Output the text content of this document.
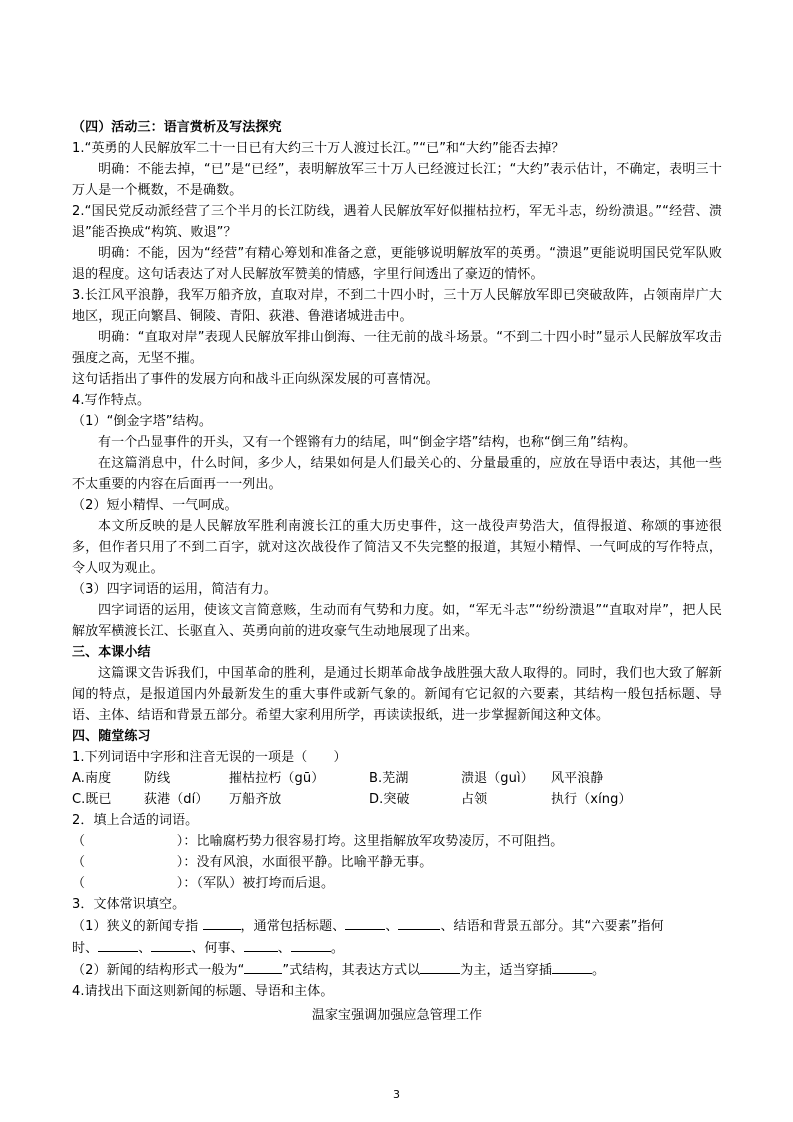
（四）活动三：语言赏析及写法探究
1.“英勇的人民解放军二十一日已有大约三十万人渡过长江。”“已”和“大约”能否去掉？
明确：不能去掉，“已”是“已经”，表明解放军三十万人已经渡过长江；“大约”表示估计，不确定，表明三十万人是一个概数，不是确数。
2.“国民党反动派经营了三个半月的长江防线，遇着人民解放军好似摧枯拉朽，军无斗志，纷纷溃退。”“经营、溃退”能否换成“构筑、败退”？
明确：不能，因为“经营”有精心筹划和准备之意，更能够说明解放军的英勇。“溃退”更能说明国民党军队败退的程度。这句话表达了对人民解放军赞美的情感，字里行间透出了豪迈的情怀。
3.长江风平浪静，我军万船齐放，直取对岸，不到二十四小时，三十万人民解放军即已突破敌阵，占领南岸广大地区，现正向繁昌、铜陵、青阳、荻港、鲁港诸城进击中。
明确：“直取对岸”表现人民解放军排山倒海、一往无前的战斗场景。“不到二十四小时”显示人民解放军攻击强度之高，无坚不摧。
这句话指出了事件的发展方向和战斗正向纵深发展的可喜情况。
4.写作特点。
（1）“倒金字塔”结构。
有一个凸显事件的开头，又有一个铿锵有力的结尾，叫“倒金字塔”结构，也称“倒三角”结构。
在这篇消息中，什么时间，多少人，结果如何是人们最关心的、分量最重的，应放在导语中表达，其他一些不太重要的内容在后面再一一列出。
（2）短小精悍、一气呵成。
本文所反映的是人民解放军胜利南渡长江的重大历史事件，这一战役声势浩大，值得报道、称颂的事迹很多，但作者只用了不到二百字，就对这次战役作了简洁又不失完整的报道，其短小精悍、一气呵成的写作特点，令人叹为观止。
（3）四字词语的运用，简洁有力。
四字词语的运用，使该文言简意赅，生动而有气势和力度。如，“军无斗志”“纷纷溃退”“直取对岸”，把人民解放军横渡长江、长驱直入、英勇向前的进攻豪气生动地展现了出来。
三、本课小结
这篇课文告诉我们，中国革命的胜利，是通过长期革命战争战胜强大敌人取得的。同时，我们也大致了解新闻的特点，是报道国内外最新发生的重大事件或新气象的。新闻有它记叙的六要素，其结构一般包括标题、导语、主体、结语和背景五部分。希望大家利用所学，再读读报纸，进一步掌握新闻这种文体。
四、随堂练习
1.下列词语中字形和注音无误的一项是（　　）
A.南度	防线	摧枯拉朽（gū）	B.芜湖	溃退（guì）	风平浪静
C.既已	荻港（dí）	万船齐放	D.突破	占领	执行（xíng）
2．填上合适的词语。
（　　　　　　　）：比喻腐朽势力很容易打垮。这里指解放军攻势凌厉，不可阻挡。
（　　　　　　　）：没有风浪，水面很平静。比喻平静无事。
（　　　　　　　）：（军队）被打垮而后退。
3．文体常识填空。
（1）狭义的新闻专指	，通常包括标题、	、	、结语和背景五部分。其“六要素”指何
时、	、	、何事、	、	。
（2）新闻的结构形式一般为“	”式结构，其表达方式以	为主，适当穿插	。
4.请找出下面这则新闻的标题、导语和主体。
温家宝强调加强应急管理工作
3
